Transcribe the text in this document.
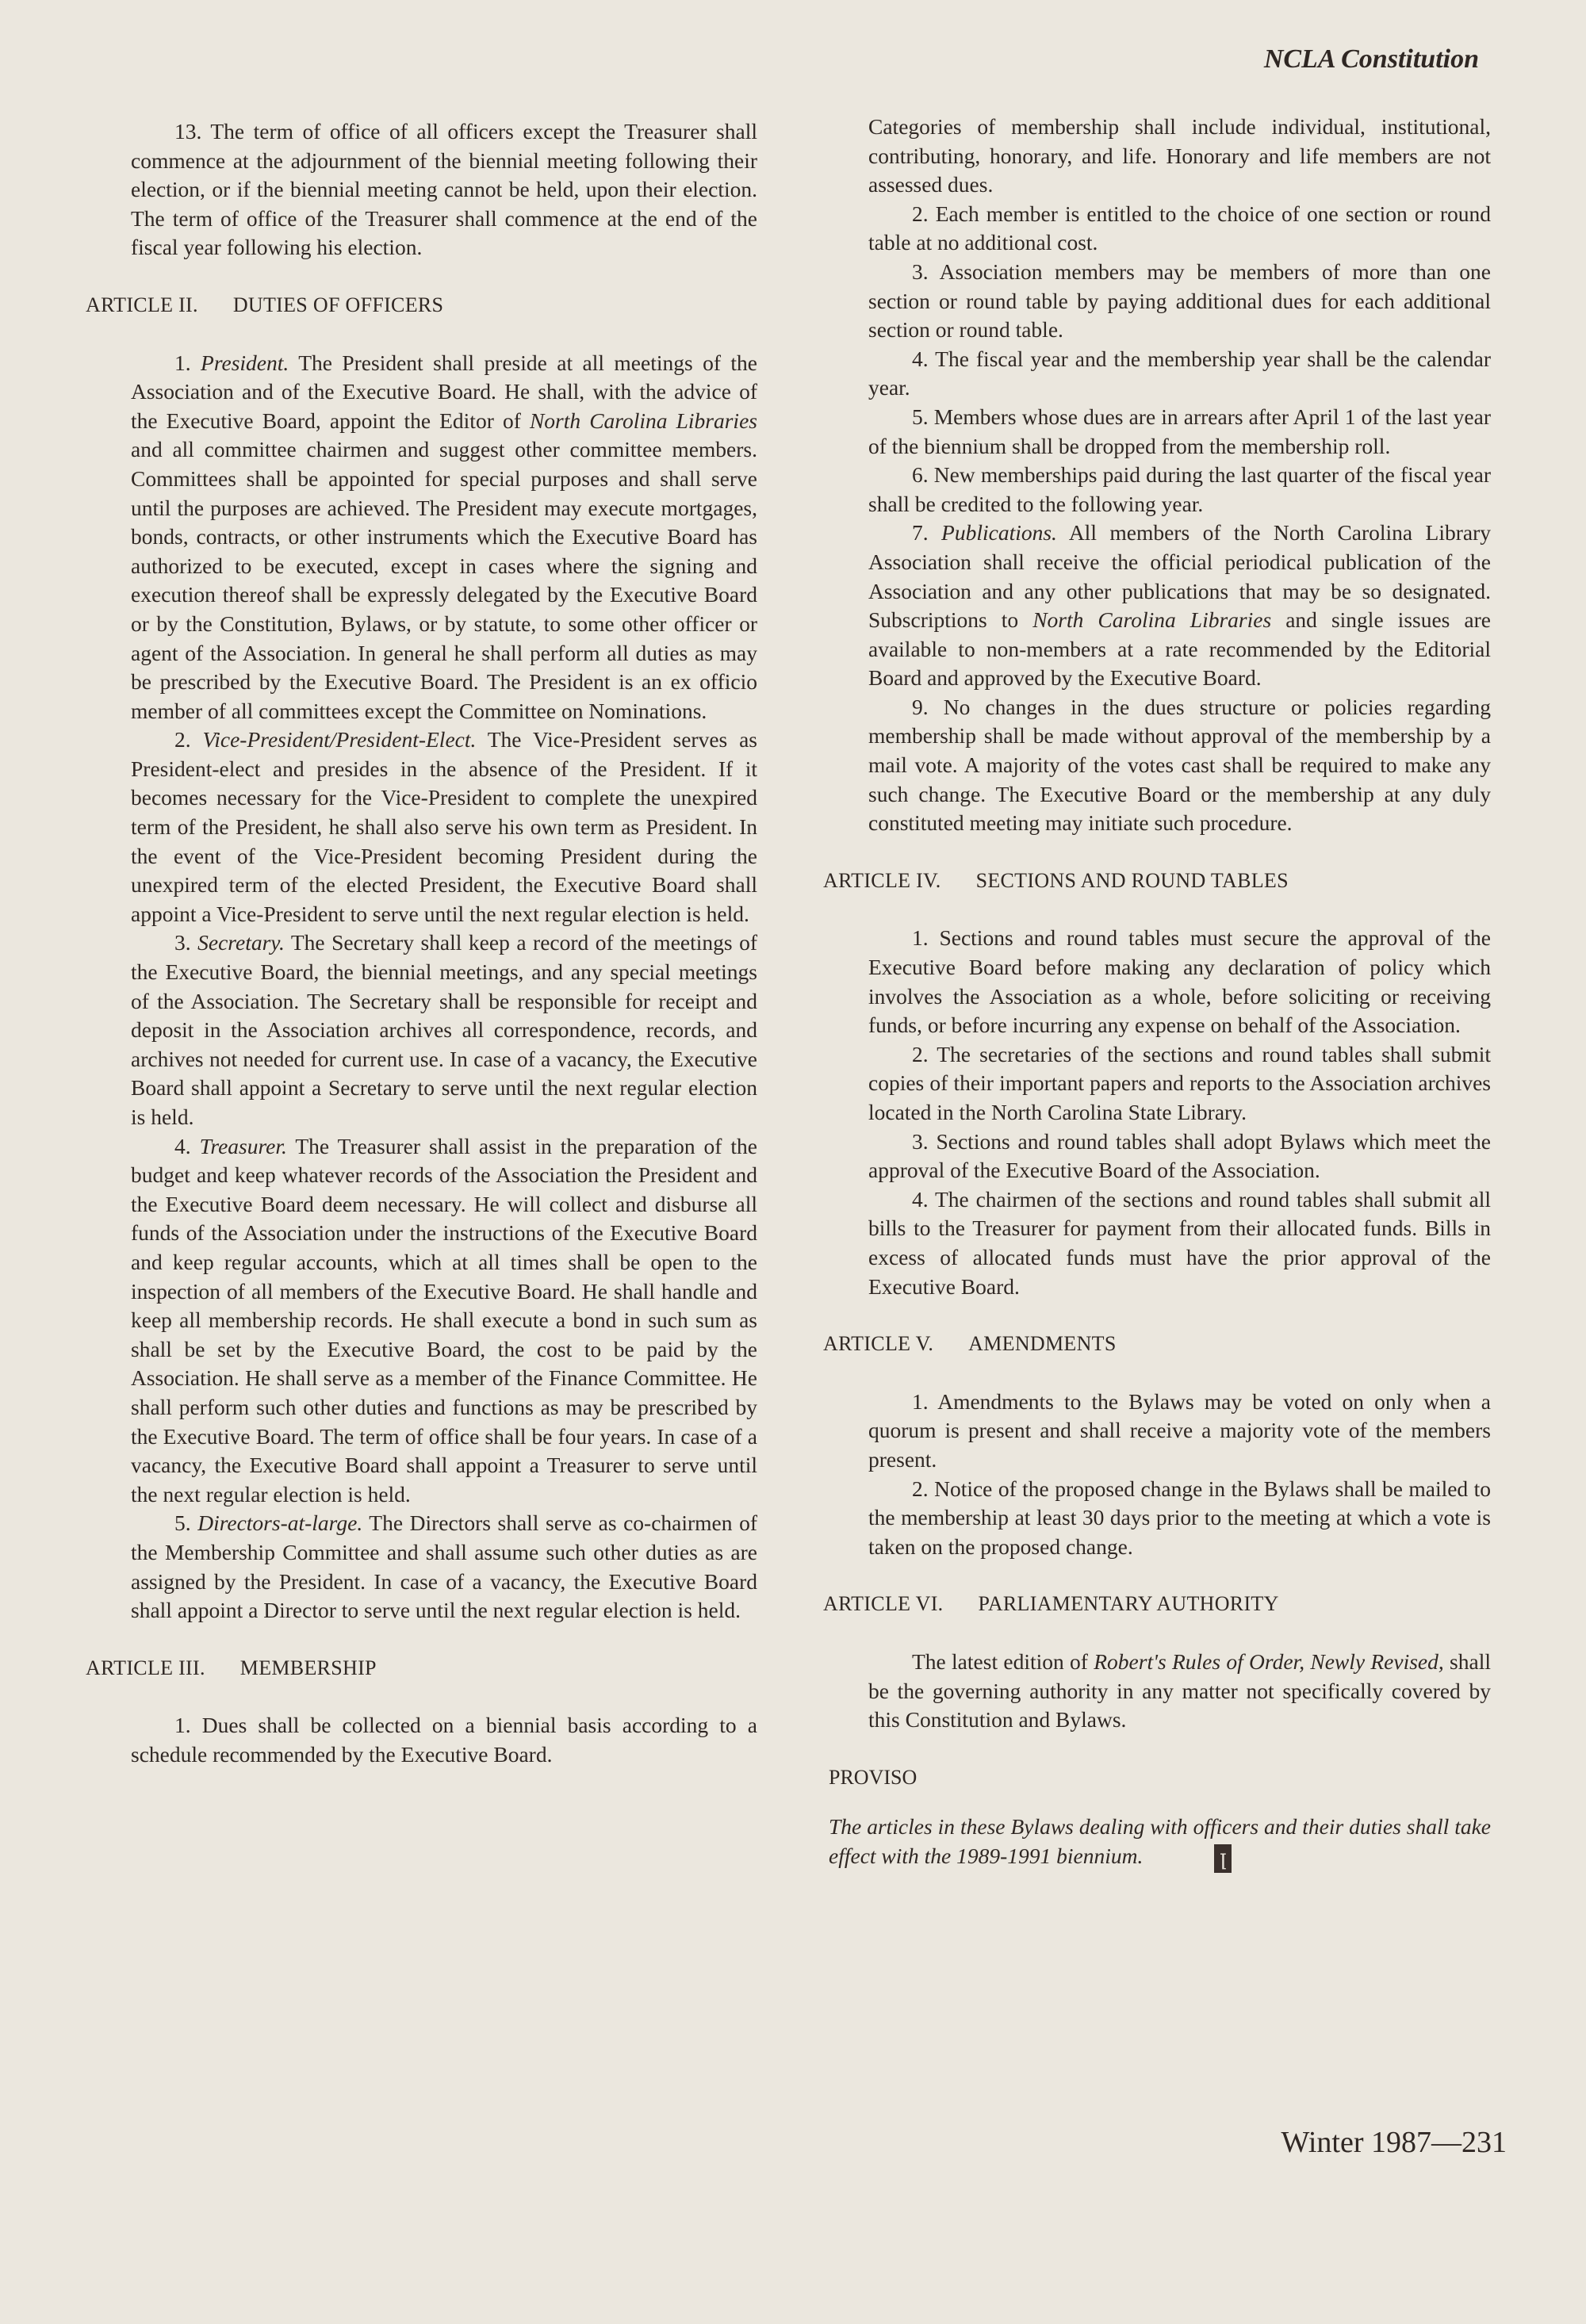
NCLA Constitution

13. The term of office of all officers except the Treasurer shall commence at the adjournment of the biennial meeting following their election, or if the biennial meeting cannot be held, upon their election. The term of office of the Treasurer shall commence at the end of the fiscal year following his election.

ARTICLE II. DUTIES OF OFFICERS

1. President. The President shall preside at all meetings of the Association and of the Executive Board. He shall, with the advice of the Executive Board, appoint the Editor of North Carolina Libraries and all committee chairmen and suggest other committee members. Committees shall be appointed for special purposes and shall serve until the purposes are achieved. The President may execute mortgages, bonds, contracts, or other instruments which the Executive Board has authorized to be executed, except in cases where the signing and execution thereof shall be expressly delegated by the Executive Board or by the Constitution, Bylaws, or by statute, to some other officer or agent of the Association. In general he shall perform all duties as may be prescribed by the Executive Board. The President is an ex officio member of all committees except the Committee on Nominations.

2. Vice-President/President-Elect. The Vice-President serves as President-elect and presides in the absence of the President. If it becomes necessary for the Vice-President to complete the unexpired term of the President, he shall also serve his own term as President. In the event of the Vice-President becoming President during the unexpired term of the elected President, the Executive Board shall appoint a Vice-President to serve until the next regular election is held.

3. Secretary. The Secretary shall keep a record of the meetings of the Executive Board, the biennial meetings, and any special meetings of the Association. The Secretary shall be responsible for receipt and deposit in the Association archives all correspondence, records, and archives not needed for current use. In case of a vacancy, the Executive Board shall appoint a Secretary to serve until the next regular election is held.

4. Treasurer. The Treasurer shall assist in the preparation of the budget and keep whatever records of the Association the President and the Executive Board deem necessary. He will collect and disburse all funds of the Association under the instructions of the Executive Board and keep regular accounts, which at all times shall be open to the inspection of all members of the Executive Board. He shall handle and keep all membership records. He shall execute a bond in such sum as shall be set by the Executive Board, the cost to be paid by the Association. He shall serve as a member of the Finance Committee. He shall perform such other duties and functions as may be prescribed by the Executive Board. The term of office shall be four years. In case of a vacancy, the Executive Board shall appoint a Treasurer to serve until the next regular election is held.

5. Directors-at-large. The Directors shall serve as co-chairmen of the Membership Committee and shall assume such other duties as are assigned by the President. In case of a vacancy, the Executive Board shall appoint a Director to serve until the next regular election is held.

ARTICLE III. MEMBERSHIP

1. Dues shall be collected on a biennial basis according to a schedule recommended by the Executive Board.

Categories of membership shall include individual, institutional, contributing, honorary, and life. Honorary and life members are not assessed dues.

2. Each member is entitled to the choice of one section or round table at no additional cost.

3. Association members may be members of more than one section or round table by paying additional dues for each additional section or round table.

4. The fiscal year and the membership year shall be the calendar year.

5. Members whose dues are in arrears after April 1 of the last year of the biennium shall be dropped from the membership roll.

6. New memberships paid during the last quarter of the fiscal year shall be credited to the following year.

7. Publications. All members of the North Carolina Library Association shall receive the official periodical publication of the Association and any other publications that may be so designated. Subscriptions to North Carolina Libraries and single issues are available to non-members at a rate recommended by the Editorial Board and approved by the Executive Board.

9. No changes in the dues structure or policies regarding membership shall be made without approval of the membership by a mail vote. A majority of the votes cast shall be required to make any such change. The Executive Board or the membership at any duly constituted meeting may initiate such procedure.

ARTICLE IV. SECTIONS AND ROUND TABLES

1. Sections and round tables must secure the approval of the Executive Board before making any declaration of policy which involves the Association as a whole, before soliciting or receiving funds, or before incurring any expense on behalf of the Association.

2. The secretaries of the sections and round tables shall submit copies of their important papers and reports to the Association archives located in the North Carolina State Library.

3. Sections and round tables shall adopt Bylaws which meet the approval of the Executive Board of the Association.

4. The chairmen of the sections and round tables shall submit all bills to the Treasurer for payment from their allocated funds. Bills in excess of allocated funds must have the prior approval of the Executive Board.

ARTICLE V. AMENDMENTS

1. Amendments to the Bylaws may be voted on only when a quorum is present and shall receive a majority vote of the members present.

2. Notice of the proposed change in the Bylaws shall be mailed to the membership at least 30 days prior to the meeting at which a vote is taken on the proposed change.

ARTICLE VI. PARLIAMENTARY AUTHORITY

The latest edition of Robert's Rules of Order, Newly Revised, shall be the governing authority in any matter not specifically covered by this Constitution and Bylaws.

PROVISO

The articles in these Bylaws dealing with officers and their duties shall take effect with the 1989-1991 biennium.	ꞁ

Winter 1987—231
